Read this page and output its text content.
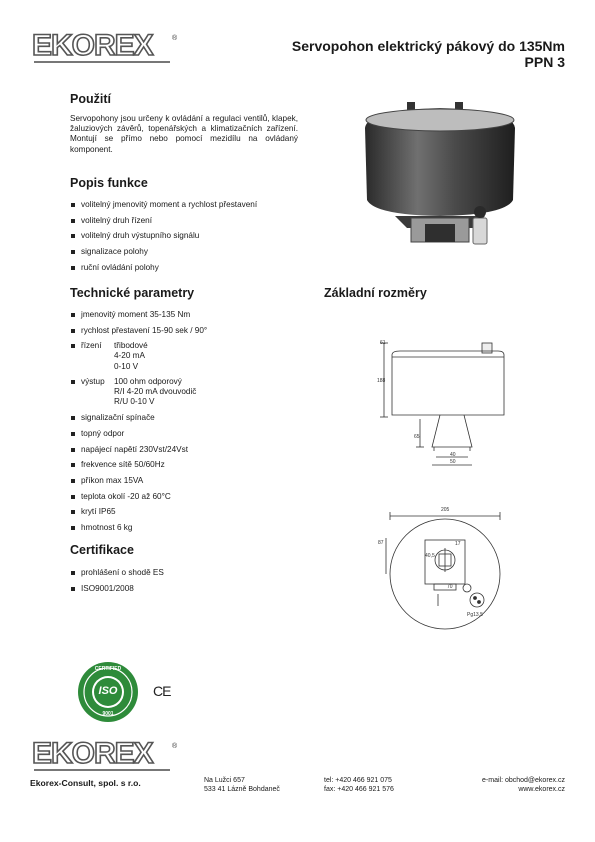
EKOREX	®	Servopohon elektrický pákový do 135Nm
PPN 3
Použití
Servopohony jsou určeny k ovládání a regulaci ventilů, klapek, žaluziových závěrů, topenářských a klimatizačních zařízení. Montují se přímo nebo pomocí mezidílu na ovládaný komponent.
Popis funkce
volitelný jmenovitý moment a rychlost přestavení
volitelný druh řízení
volitelný druh výstupního signálu
signalizace polohy
ruční ovládání polohy
Technické parametry
jmenovitý moment 35-135 Nm
rychlost přestavení 15-90 sek / 90°
řízení	třibodové
4-20 mA
0-10 V
výstup	100 ohm odporový
R/I 4-20 mA dvouvodič
R/U 0-10 V
signalizační spínače
topný odpor
napájecí napětí 230Vst/24Vst
frekvence sítě 50/60Hz
příkon max 15VA
teplota okolí -20 až 60°C
krytí IP65
hmotnost 6 kg
Certifikace
prohlášení o shodě ES
ISO9001/2008
CERTIFIED
ISO
9001
CE
Základní rozměry
61
188
65
40
50
205
87	17
40,5
70
Pg13,5
EKOREX	®
Ekorex-Consult, spol. s r.o.	Na Lužci 657
533 41 Lázně Bohdaneč
tel: +420 466 921 075
fax: +420 466 921 576
e-mail: obchod@ekorex.cz
www.ekorex.cz
